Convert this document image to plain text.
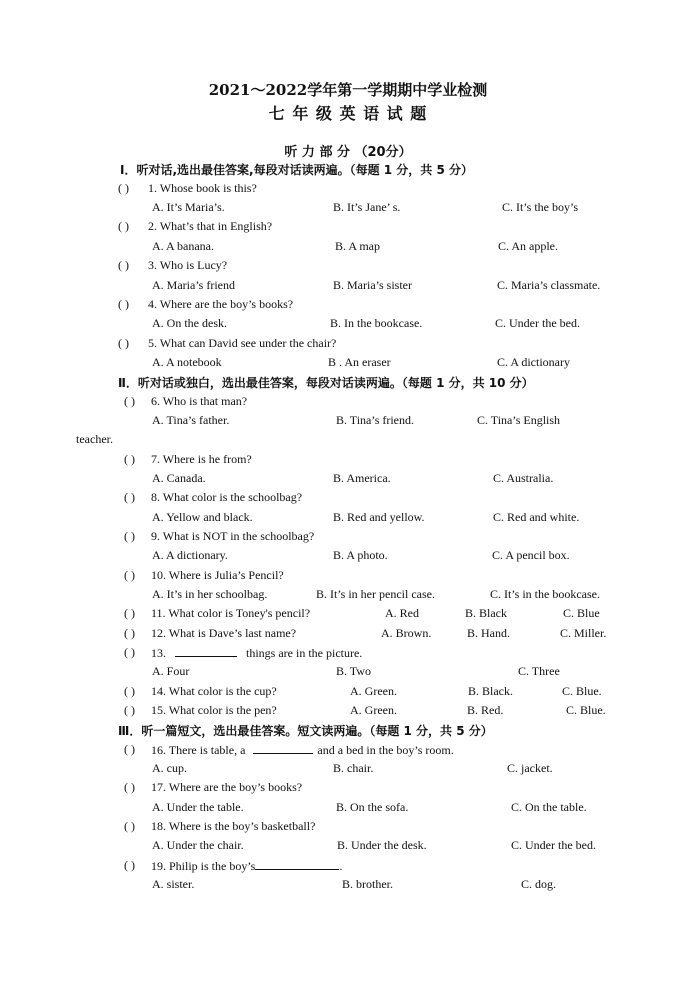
2021～2022学年第一学期期中学业检测
七 年 级 英 语 试 题
听 力 部 分 （20分）
Ⅰ．听对话,选出最佳答案,每段对话读两遍。（每题 1 分，共 5 分）
( ) 1. Whose book is this?
A. It’s Maria’s.	B. It’s Jane’ s.	C. It’s the boy’s
( ) 2. What’s that in English?
A. A banana.	B. A map	C. An apple.
( ) 3. Who is Lucy?
A. Maria’s friend	B. Maria’s sister	C. Maria’s classmate.
( ) 4. Where are the boy’s books?
A. On the desk.	B. In the bookcase.	C. Under the bed.
( ) 5. What can David see under the chair?
A. A notebook	B . An eraser	C. A dictionary
Ⅱ．听对话或独白，选出最佳答案，每段对话读两遍。（每题 1 分，共 10 分）
( ) 6. Who is that man?
A. Tina’s father.	B. Tina’s friend.	C. Tina’s English
teacher.
( ) 7. Where is he from?
A. Canada.	B. America.	C. Australia.
( ) 8. What color is the schoolbag?
A. Yellow and black.	B. Red and yellow.	C. Red and white.
( ) 9. What is NOT in the schoolbag?
A. A dictionary.	B. A photo.	C. A pencil box.
( ) 10. Where is Julia’s Pencil?
A. It’s in her schoolbag.	B. It’s in her pencil case.	C. It’s in the bookcase.
( ) 11. What color is Toney's pencil?	A. Red	B. Black	C. Blue
( ) 12. What is Dave’s last name?	A. Brown.	B. Hand.	C. Miller.
( ) 13.	things are in the picture.
A. Four	B. Two	C. Three
( ) 14. What color is the cup?	A. Green.	B. Black.	C. Blue.
( ) 15. What color is the pen?	A. Green.	B. Red.	C. Blue.
Ⅲ．听一篇短文，选出最佳答案。短文读两遍。（每题 1 分，共 5 分）
( ) 16. There is table, a	and a bed in the boy’s room.
A. cup.	B. chair.	C. jacket.
( ) 17. Where are the boy’s books?
A. Under the table.	B. On the sofa.	C. On the table.
( ) 18. Where is the boy’s basketball?
A. Under the chair.	B. Under the desk.	C. Under the bed.
( ) 19. Philip is the boy’s	.
A. sister.	B. brother.	C. dog.
